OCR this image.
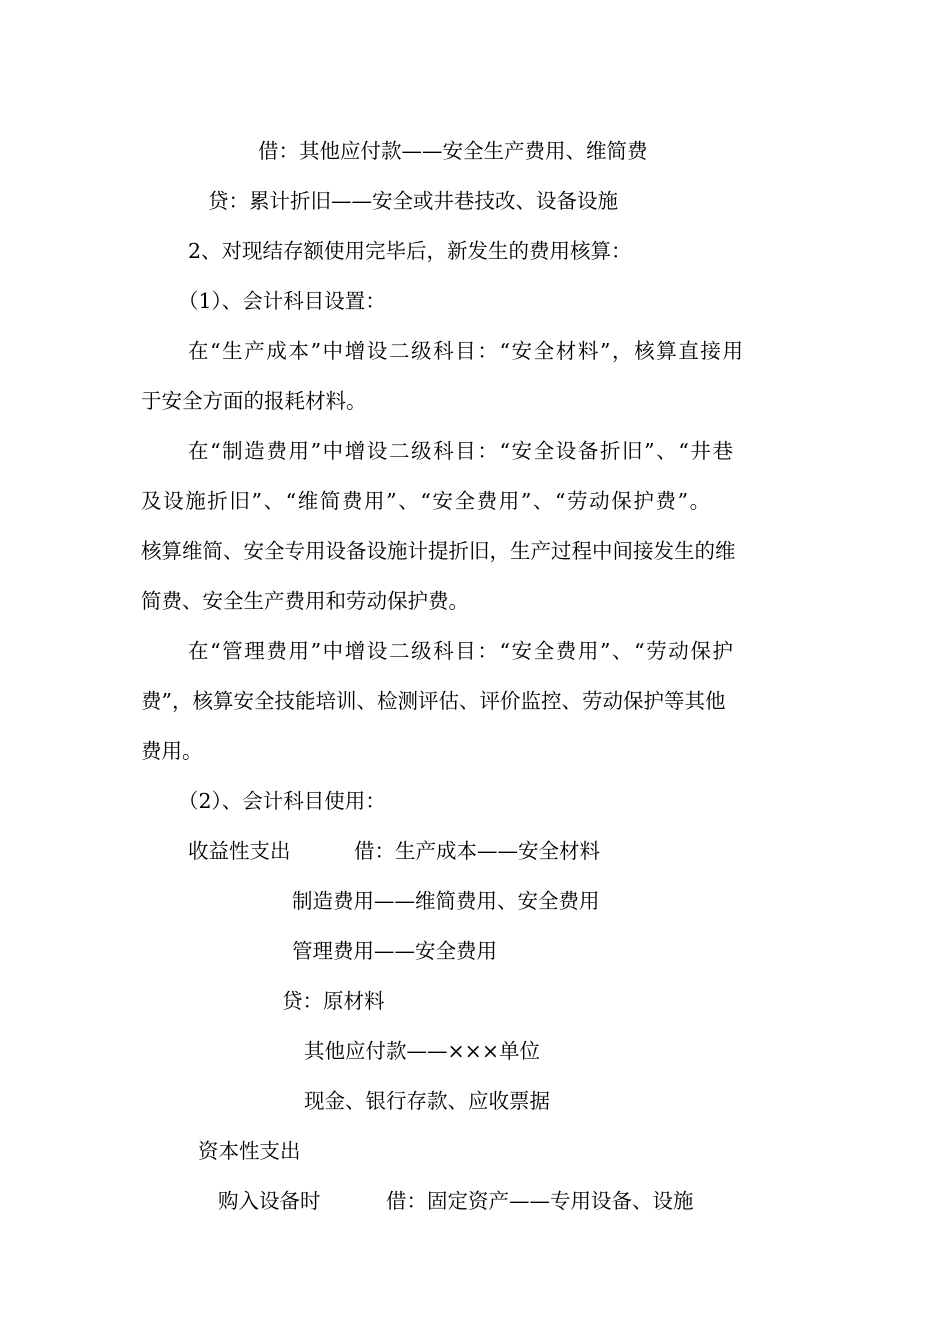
借：其他应付款——安全生产费用、维简费

贷：累计折旧——安全或井巷技改、设备设施

2、对现结存额使用完毕后，新发生的费用核算：

（1）、会计科目设置：

在“生产成本”中增设二级科目：“安全材料”，核算直接用

于安全方面的报耗材料。

在“制造费用”中增设二级科目：“安全设备折旧”、“井巷

及设施折旧”、“维简费用”、“安全费用”、“劳动保护费”。

核算维简、安全专用设备设施计提折旧，生产过程中间接发生的维

简费、安全生产费用和劳动保护费。

在“管理费用”中增设二级科目：“安全费用”、“劳动保护

费”，核算安全技能培训、检测评估、评价监控、劳动保护等其他

费用。

（2）、会计科目使用：

收益性支出	借：生产成本——安全材料

制造费用——维简费用、安全费用

管理费用——安全费用

贷：原材料

其他应付款——×××单位

现金、银行存款、应收票据

资本性支出

购入设备时	借：固定资产——专用设备、设施
